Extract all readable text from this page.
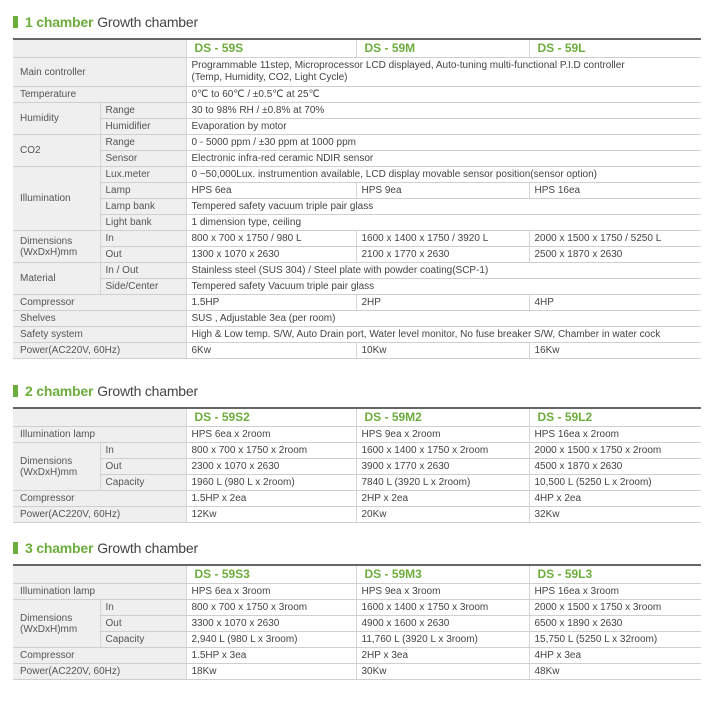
1 chamber Growth chamber
		DS - 59S	DS - 59M	DS - 59L
Main controller		Programmable 11step, Microprocessor LCD displayed, Auto-tuning multi-functional P.I.D controller
(Temp, Humidity, CO2, Light Cycle)		

Temperature		0℃ to 60℃ / ±0.5℃ at 25℃		
Humidity	Range	30 to 98% RH / ±0.8% at 70%		
	Humidifier	Evaporation by motor		
CO2	Range	0 - 5000 ppm / ±30 ppm at 1000 ppm		
	Sensor	Electronic infra-red ceramic NDIR sensor		
Illumination	Lux.meter	0 ~50,000Lux. instrumention available, LCD display movable sensor position(sensor option)		
	Lamp	HPS 6ea	HPS 9ea	HPS 16ea
	Lamp bank	Tempered safety vacuum triple pair glass		
	Light bank	1 dimension type, ceiling		

Dimensions
(WxDxH)mm	In	800 x 700 x 1750 / 980 L	1600 x 1400 x 1750 / 3920 L	2000 x 1500 x 1750 / 5250 L
	Out	1300 x 1070 x 2630	2100 x 1770 x 2630	2500 x 1870 x 2630
Material	In / Out	Stainless steel (SUS 304) / Steel plate with powder coating(SCP-1)		
	Side/Center	Tempered safety Vacuum triple pair glass		
Compressor		1.5HP	2HP	4HP
Shelves		SUS , Adjustable 3ea (per room)		
Safety system		High & Low temp. S/W, Auto Drain port, Water level monitor, No fuse breaker S/W, Chamber in water cock		
Power(AC220V, 60Hz)		6Kw	10Kw	16Kw
2 chamber Growth chamber
		DS - 59S2	DS - 59M2	DS - 59L2
Illumination lamp		HPS 6ea x 2room	HPS 9ea x 2room	HPS 16ea x 2room

Dimensions
(WxDxH)mm	In	800 x 700 x 1750 x 2room	1600 x 1400 x 1750 x 2room	2000 x 1500 x 1750 x 2room
	Out	2300 x 1070 x 2630	3900 x 1770 x 2630	4500 x 1870 x 2630
	Capacity	1960 L (980 L x 2room)	7840 L (3920 L x 2room)	10,500 L (5250 L x 2room)
Compressor		1.5HP x 2ea	2HP x 2ea	4HP x 2ea
Power(AC220V, 60Hz)		12Kw	20Kw	32Kw
3 chamber Growth chamber
		DS - 59S3	DS - 59M3	DS - 59L3
Illumination lamp		HPS 6ea x 3room	HPS 9ea x 3room	HPS 16ea x 3room

Dimensions
(WxDxH)mm	In	800 x 700 x 1750 x 3room	1600 x 1400 x 1750 x 3room	2000 x 1500 x 1750 x 3room
	Out	3300 x 1070 x 2630	4900 x 1600 x 2630	6500 x 1890 x 2630
	Capacity	2,940 L (980 L x 3room)	11,760 L (3920 L x 3room)	15,750 L (5250 L x 32room)
Compressor		1.5HP x 3ea	2HP x 3ea	4HP x 3ea
Power(AC220V, 60Hz)		18Kw	30Kw	48Kw
